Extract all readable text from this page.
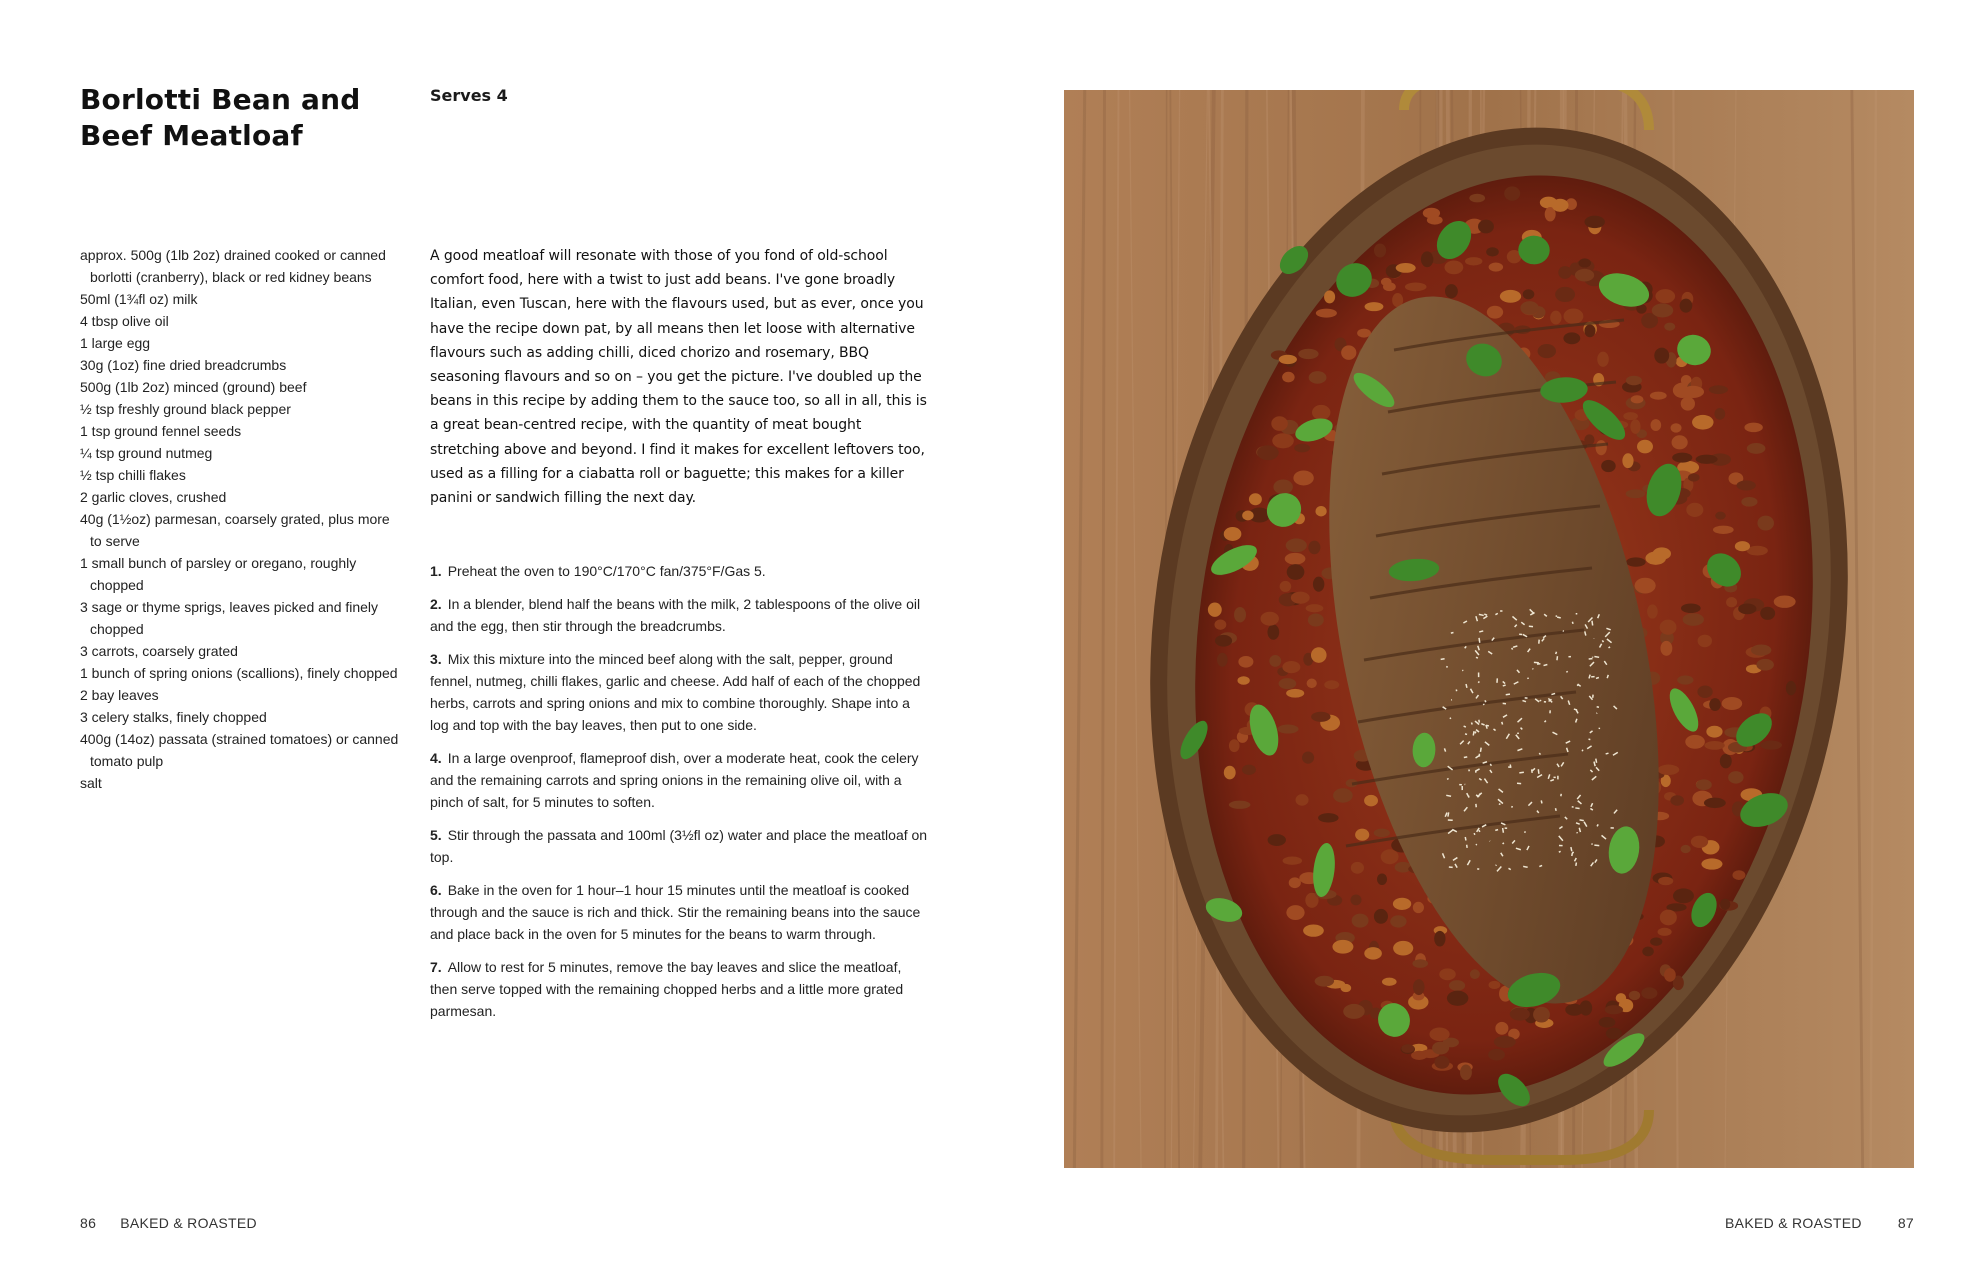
Borlotti Bean and Beef Meatloaf

Serves 4

approx. 500g (1lb 2oz) drained cooked or canned borlotti (cranberry), black or red kidney beans
50ml (1¾fl oz) milk
4 tbsp olive oil
1 large egg
30g (1oz) fine dried breadcrumbs
500g (1lb 2oz) minced (ground) beef
½ tsp freshly ground black pepper
1 tsp ground fennel seeds
¼ tsp ground nutmeg
½ tsp chilli flakes
2 garlic cloves, crushed
40g (1½oz) parmesan, coarsely grated, plus more to serve
1 small bunch of parsley or oregano, roughly chopped
3 sage or thyme sprigs, leaves picked and finely chopped
3 carrots, coarsely grated
1 bunch of spring onions (scallions), finely chopped
2 bay leaves
3 celery stalks, finely chopped
400g (14oz) passata (strained tomatoes) or canned tomato pulp
salt

A good meatloaf will resonate with those of you fond of old-school comfort food, here with a twist to just add beans. I've gone broadly Italian, even Tuscan, here with the flavours used, but as ever, once you have the recipe down pat, by all means then let loose with alternative flavours such as adding chilli, diced chorizo and rosemary, BBQ seasoning flavours and so on – you get the picture. I've doubled up the beans in this recipe by adding them to the sauce too, so all in all, this is a great bean-centred recipe, with the quantity of meat bought stretching above and beyond. I find it makes for excellent leftovers too, used as a filling for a ciabatta roll or baguette; this makes for a killer panini or sandwich filling the next day.

1. Preheat the oven to 190°C/170°C fan/375°F/Gas 5.
2. In a blender, blend half the beans with the milk, 2 tablespoons of the olive oil and the egg, then stir through the breadcrumbs.
3. Mix this mixture into the minced beef along with the salt, pepper, ground fennel, nutmeg, chilli flakes, garlic and cheese. Add half of each of the chopped herbs, carrots and spring onions and mix to combine thoroughly. Shape into a log and top with the bay leaves, then put to one side.
4. In a large ovenproof, flameproof dish, over a moderate heat, cook the celery and the remaining carrots and spring onions in the remaining olive oil, with a pinch of salt, for 5 minutes to soften.
5. Stir through the passata and 100ml (3½fl oz) water and place the meatloaf on top.
6. Bake in the oven for 1 hour–1 hour 15 minutes until the meatloaf is cooked through and the sauce is rich and thick. Stir the remaining beans into the sauce and place back in the oven for 5 minutes for the beans to warm through.
7. Allow to rest for 5 minutes, remove the bay leaves and slice the meatloaf, then serve topped with the remaining chopped herbs and a little more grated parmesan.
86 BAKED & ROASTED	BAKED & ROASTED	87
